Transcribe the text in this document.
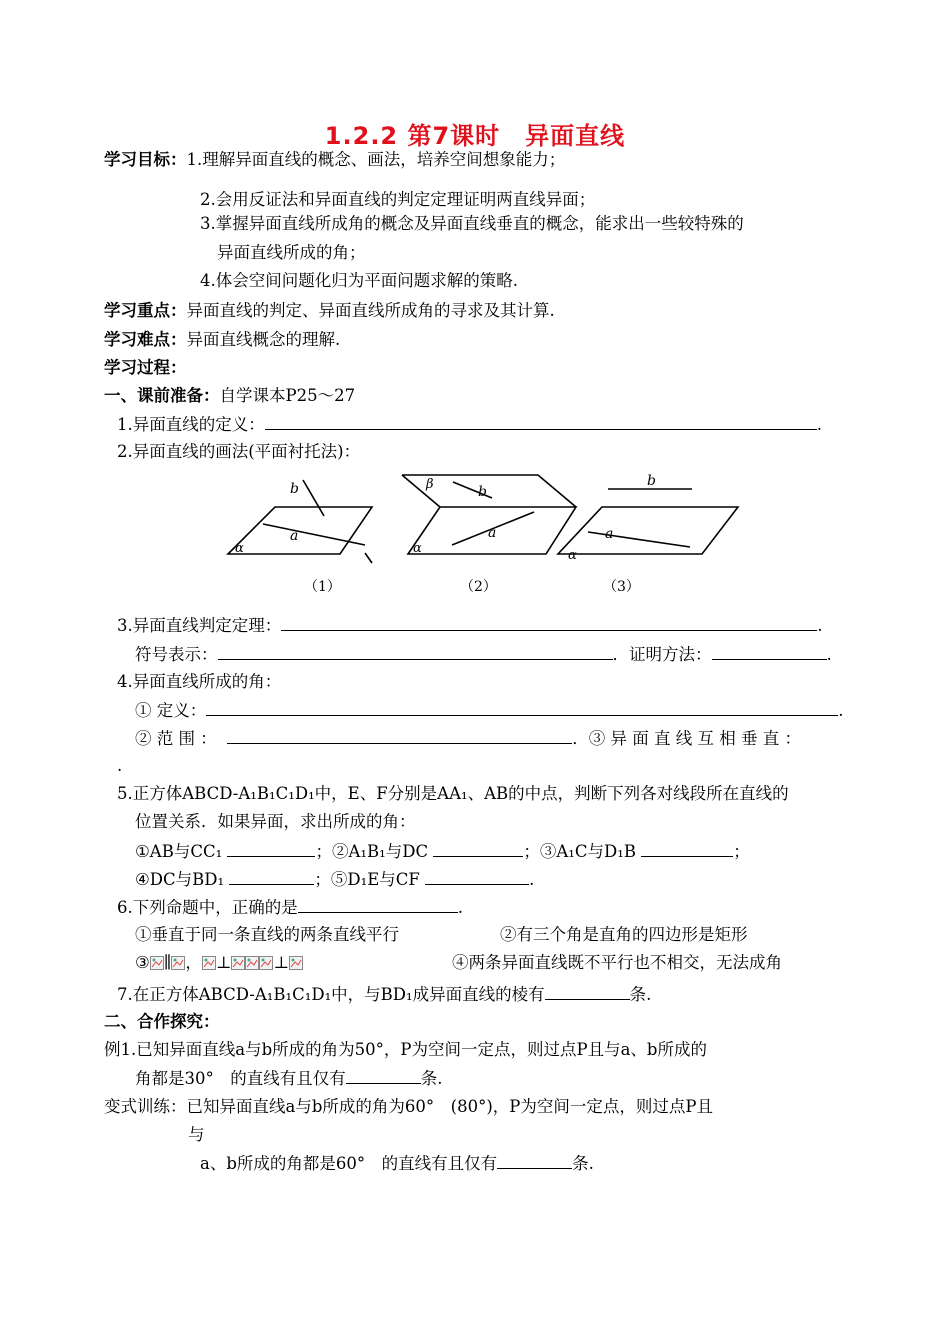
1.2.2 第7课时　异面直线
学习目标：1.理解异面直线的概念、画法，培养空间想象能力；
2.会用反证法和异面直线的判定定理证明两直线异面；
3.掌握异面直线所成角的概念及异面直线垂直的概念，能求出一些较特殊的
异面直线所成的角；
4.体会空间问题化归为平面问题求解的策略.
学习重点：异面直线的判定、异面直线所成角的寻求及其计算.
学习难点：异面直线概念的理解.
学习过程：
一、课前准备：自学课本P25～27
1.异面直线的定义：	.
2.异面直线的画法(平面衬托法)：
b
a
α
（1）
β	b
a
α
（2）
b
a
α
（3）
3.异面直线判定定理：	.
符号表示：	．证明方法：	.
4.异面直线所成的角：
① 定义：	.
② 范 围 ：	．③ 异 面 直 线 互 相 垂 直 ：
.
5.正方体ABCD-A₁B₁C₁D₁中，E、F分别是AA₁、AB的中点，判断下列各对线段所在直线的
位置关系．如果异面，求出所成的角：
①AB与CC₁	；②A₁B₁与DC	；③A₁C与D₁B	；
④DC与BD₁	；⑤D₁E与CF	.
6.下列命题中，正确的是	.
①垂直于同一条直线的两条直线平行	②有三个角是直角的四边形是矩形
③ ∥ ， ⊥	⊥	④两条异面直线既不平行也不相交，无法成角
7.在正方体ABCD-A₁B₁C₁D₁中，与BD₁成异面直线的棱有	条.
二、合作探究：
例1.已知异面直线a与b所成的角为50°，P为空间一定点，则过点P且与a、b所成的
角都是30°　的直线有且仅有	条.
变式训练：已知异面直线a与b所成的角为60°　(80°)，P为空间一定点，则过点P且
与
a、b所成的角都是60°　的直线有且仅有	条.
